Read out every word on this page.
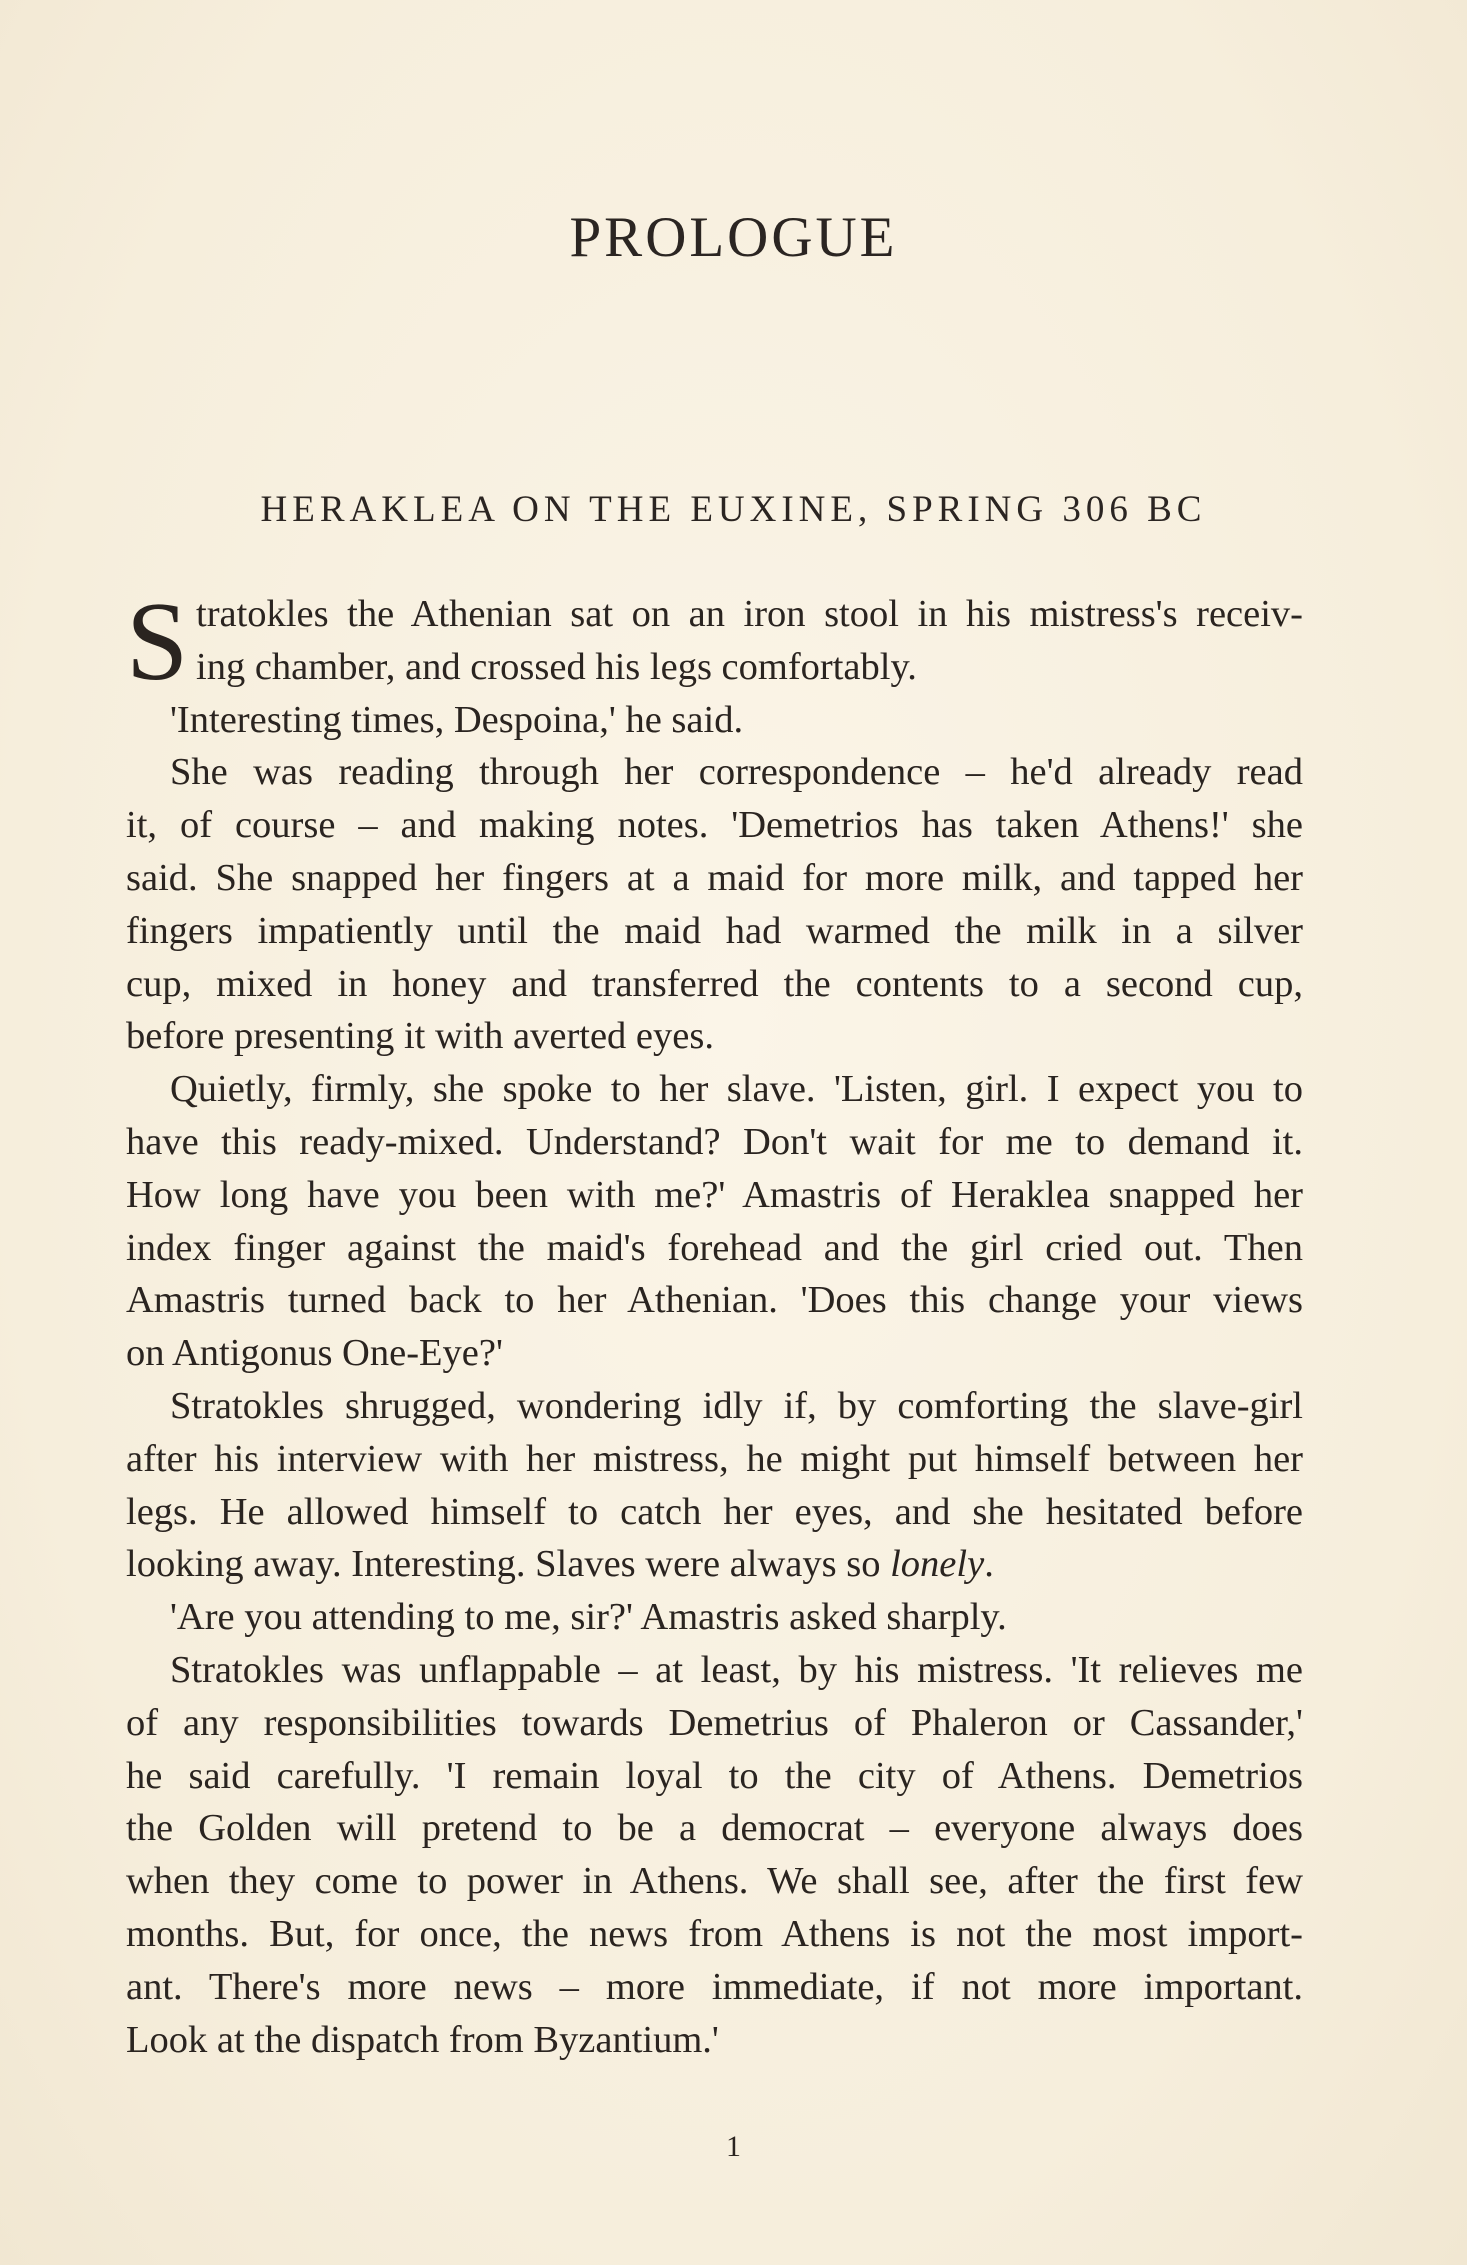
PROLOGUE
HERAKLEA ON THE EUXINE, SPRING 306 BC
S tratokles the Athenian sat on an iron stool in his mistress's receiv-
ing chamber, and crossed his legs comfortably.
'Interesting times, Despoina,' he said.
She was reading through her correspondence – he'd already read
it, of course – and making notes. 'Demetrios has taken Athens!' she
said. She snapped her fingers at a maid for more milk, and tapped her
fingers impatiently until the maid had warmed the milk in a silver
cup, mixed in honey and transferred the contents to a second cup,
before presenting it with averted eyes.
Quietly, firmly, she spoke to her slave. 'Listen, girl. I expect you to
have this ready-mixed. Understand? Don't wait for me to demand it.
How long have you been with me?' Amastris of Heraklea snapped her
index finger against the maid's forehead and the girl cried out. Then
Amastris turned back to her Athenian. 'Does this change your views
on Antigonus One-Eye?'
Stratokles shrugged, wondering idly if, by comforting the slave-girl
after his interview with her mistress, he might put himself between her
legs. He allowed himself to catch her eyes, and she hesitated before
looking away. Interesting. Slaves were always so lonely.
'Are you attending to me, sir?' Amastris asked sharply.
Stratokles was unflappable – at least, by his mistress. 'It relieves me
of any responsibilities towards Demetrius of Phaleron or Cassander,'
he said carefully. 'I remain loyal to the city of Athens. Demetrios
the Golden will pretend to be a democrat – everyone always does
when they come to power in Athens. We shall see, after the first few
months. But, for once, the news from Athens is not the most import-
ant. There's more news – more immediate, if not more important.
Look at the dispatch from Byzantium.'
1
